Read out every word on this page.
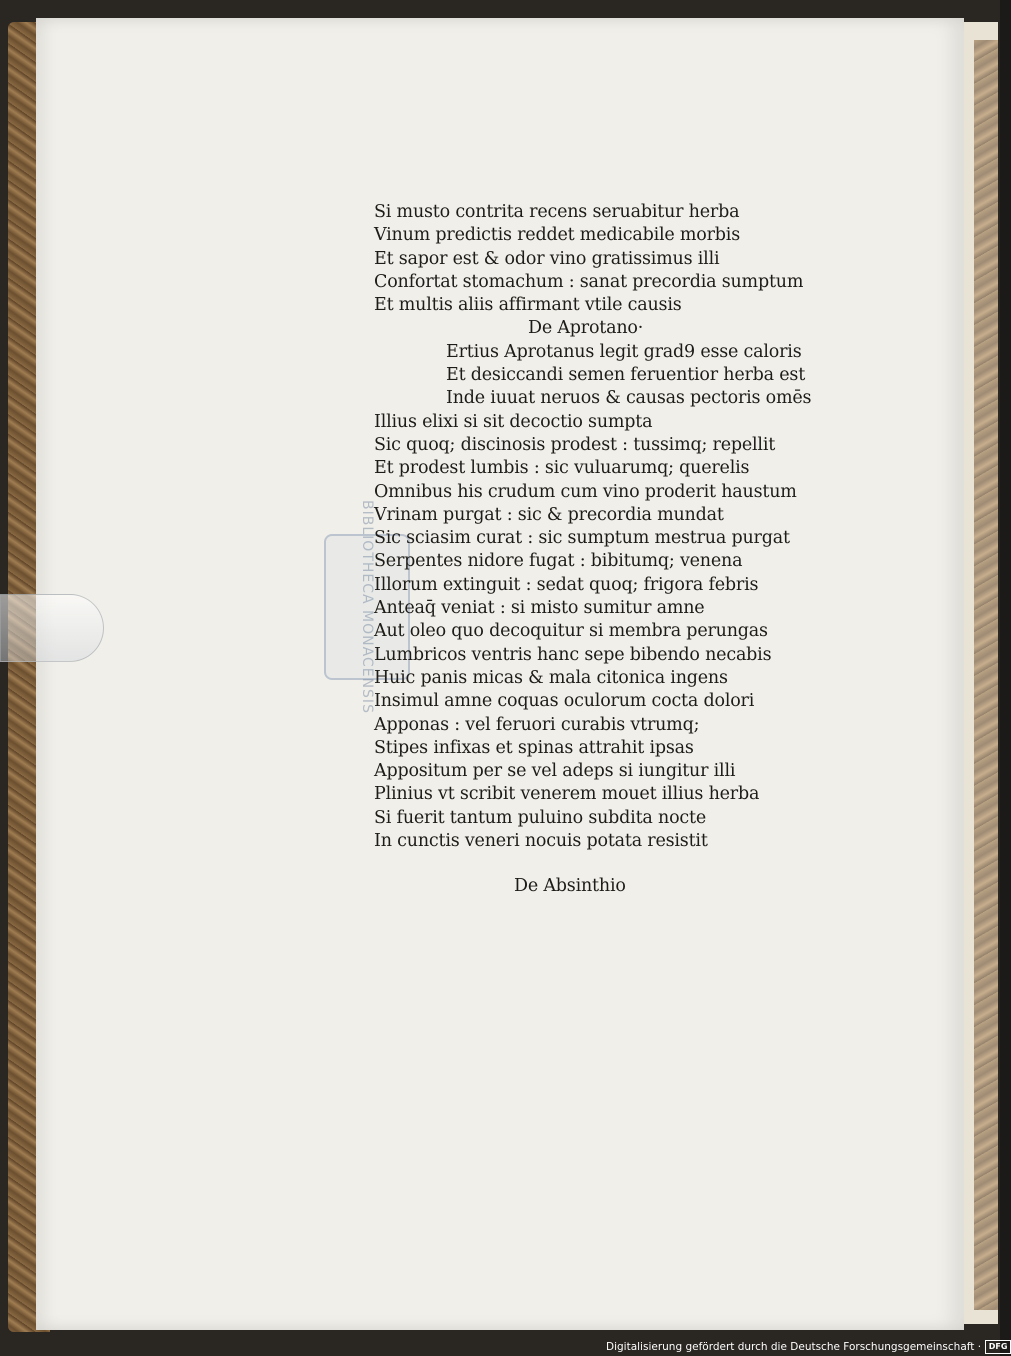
BIBLIOTHECA MONACENSIS
Si musto contrita recens seruabitur herba
Vinum predictis reddet medicabile morbis
Et sapor est & odor vino gratissimus illi
Confortat stomachum : sanat precordia sumptum
Et multis aliis affirmant vtile causis
De Aprotano·
Ertius Aprotanus legit grad9 esse caloris
Et desiccandi semen feruentior herba est
Inde iuuat neruos & causas pectoris omēs
Illius elixi si sit decoctio sumpta
Sic quoq; discinosis prodest : tussimq; repellit
Et prodest lumbis : sic vuluarumq; querelis
Omnibus his crudum cum vino proderit haustum
Vrinam purgat : sic & precordia mundat
Sic sciasim curat : sic sumptum mestrua purgat
Serpentes nidore fugat : bibitumq; venena
Illorum extinguit : sedat quoq; frigora febris
Anteaq̄ veniat : si misto sumitur amne
Aut oleo quo decoquitur si membra perungas
Lumbricos ventris hanc sepe bibendo necabis
Huic panis micas & mala citonica ingens
Insimul amne coquas oculorum cocta dolori
Apponas : vel feruori curabis vtrumq;
Stipes infixas et spinas attrahit ipsas
Appositum per se vel adeps si iungitur illi
Plinius vt scribit venerem mouet illius herba
Si fuerit tantum puluino subdita nocte
In cunctis veneri nocuis potata resistit
De Absinthio
Digitalisierung gefördert durch die Deutsche Forschungsgemeinschaft · DFG
